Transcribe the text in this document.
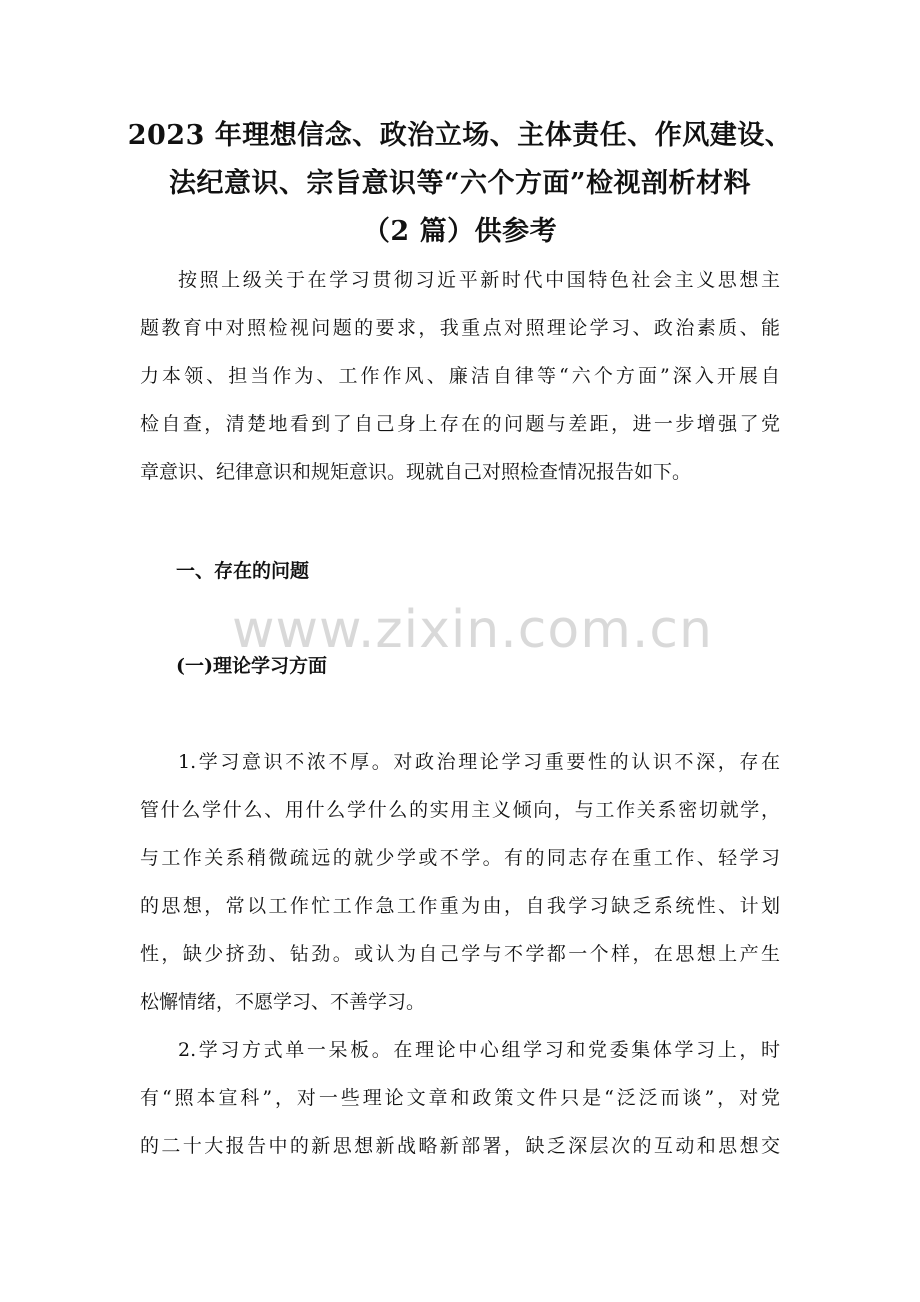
2023 年理想信念、政治立场、主体责任、作风建设、
法纪意识、宗旨意识等“六个方面”检视剖析材料
（2 篇）供参考
按照上级关于在学习贯彻习近平新时代中国特色社会主义思想主
题教育中对照检视问题的要求，我重点对照理论学习、政治素质、能
力本领、担当作为、工作作风、廉洁自律等“六个方面”深入开展自
检自查，清楚地看到了自己身上存在的问题与差距，进一步增强了党
章意识、纪律意识和规矩意识。现就自己对照检查情况报告如下。
一、存在的问题
www.zixin.com.cn
(一)理论学习方面
1.学习意识不浓不厚。对政治理论学习重要性的认识不深，存在
管什么学什么、用什么学什么的实用主义倾向，与工作关系密切就学，
与工作关系稍微疏远的就少学或不学。有的同志存在重工作、轻学习
的思想，常以工作忙工作急工作重为由，自我学习缺乏系统性、计划
性，缺少挤劲、钻劲。或认为自己学与不学都一个样，在思想上产生
松懈情绪，不愿学习、不善学习。
2.学习方式单一呆板。在理论中心组学习和党委集体学习上，时
有“照本宣科”，对一些理论文章和政策文件只是“泛泛而谈”，对党
的二十大报告中的新思想新战略新部署，缺乏深层次的互动和思想交
